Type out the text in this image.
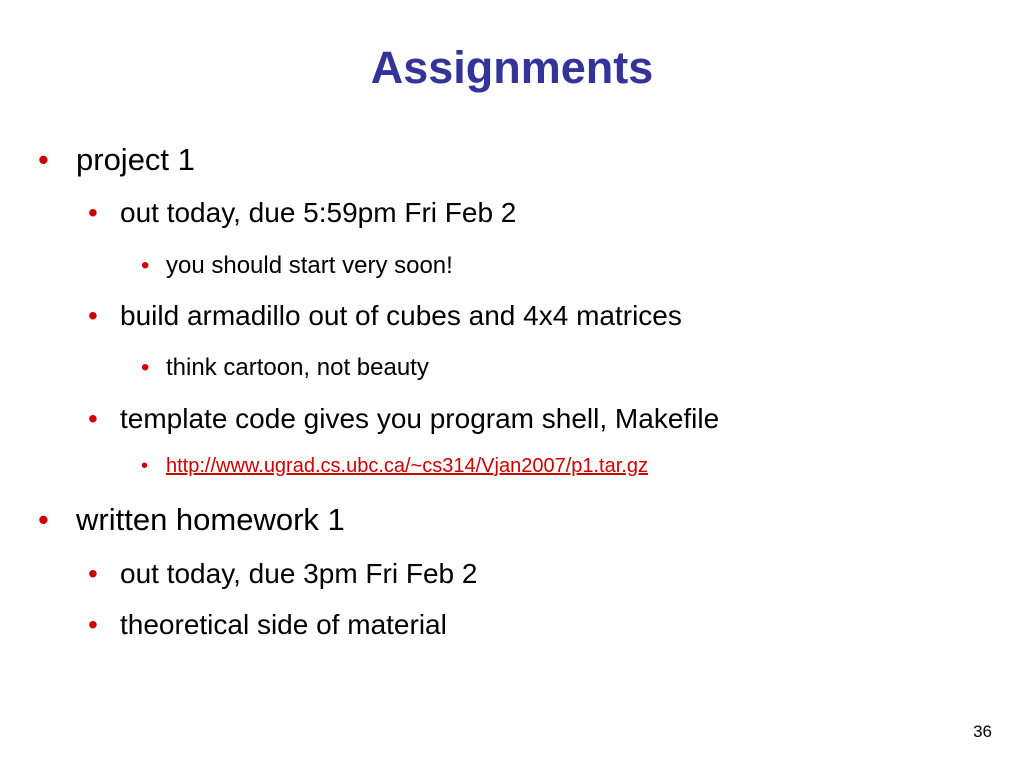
Assignments
• project 1
• out today, due 5:59pm Fri Feb 2
• you should start very soon!
• build armadillo out of cubes and 4x4 matrices
• think cartoon, not beauty
• template code gives you program shell, Makefile
• http://www.ugrad.cs.ubc.ca/~cs314/Vjan2007/p1.tar.gz
• written homework 1
• out today, due 3pm Fri Feb 2
• theoretical side of material
36
